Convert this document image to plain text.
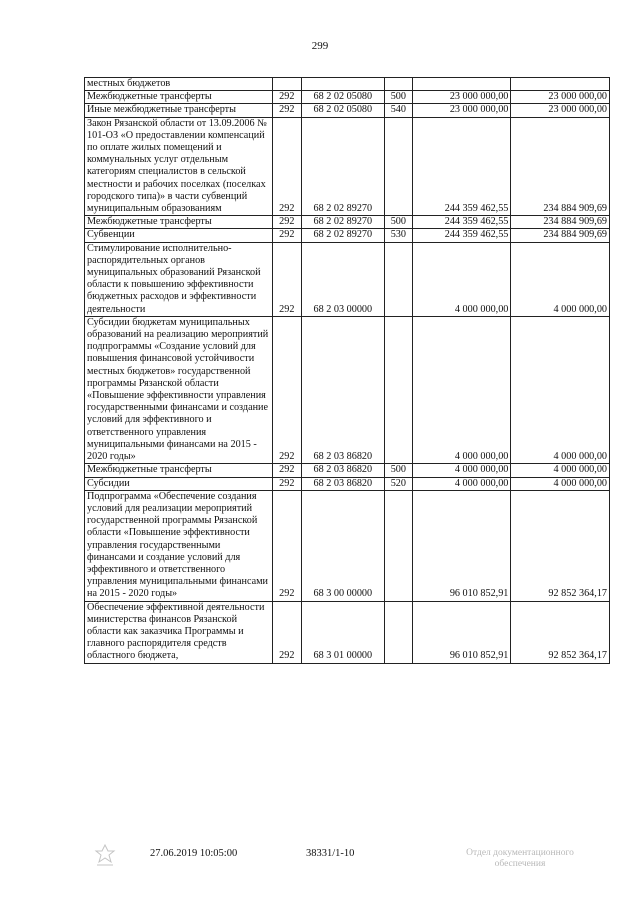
299
местных бюджетов					
Межбюджетные трансферты	292	68 2 02 05080	500	23 000 000,00	23 000 000,00
Иные межбюджетные трансферты	292	68 2 02 05080	540	23 000 000,00	23 000 000,00
Закон Рязанской области от 13.09.2006 № 101-ОЗ «О предоставлении компенсаций по оплате жилых помещений и коммунальных услуг отдельным категориям специалистов в сельской местности и рабочих поселках (поселках городского типа)» в части субвенций муниципальным образованиям	292	68 2 02 89270		244 359 462,55	234 884 909,69
Межбюджетные трансферты	292	68 2 02 89270	500	244 359 462,55	234 884 909,69
Субвенции	292	68 2 02 89270	530	244 359 462,55	234 884 909,69
Стимулирование исполнительно-распорядительных органов муниципальных образований Рязанской области к повышению эффективности бюджетных расходов и эффективности деятельности	292	68 2 03 00000		4 000 000,00	4 000 000,00
Субсидии бюджетам муниципальных образований на реализацию мероприятий подпрограммы «Создание условий для повышения финансовой устойчивости местных бюджетов» государственной программы Рязанской области «Повышение эффективности управления государственными финансами и создание условий для эффективного и ответственного управления муниципальными финансами на 2015 - 2020 годы»	292	68 2 03 86820		4 000 000,00	4 000 000,00
Межбюджетные трансферты	292	68 2 03 86820	500	4 000 000,00	4 000 000,00
Субсидии	292	68 2 03 86820	520	4 000 000,00	4 000 000,00
Подпрограмма «Обеспечение создания условий для реализации мероприятий государственной программы Рязанской области «Повышение эффективности управления государственными финансами и создание условий для эффективного и ответственного управления муниципальными финансами на 2015 - 2020 годы»	292	68 3 00 00000		96 010 852,91	92 852 364,17
Обеспечение эффективной деятельности министерства финансов Рязанской области как заказчика Программы и главного распорядителя средств областного бюджета,	292	68 3 01 00000		96 010 852,91	92 852 364,17
27.06.2019 10:05:00	38331/1-10	Отдел документационного обеспечения
